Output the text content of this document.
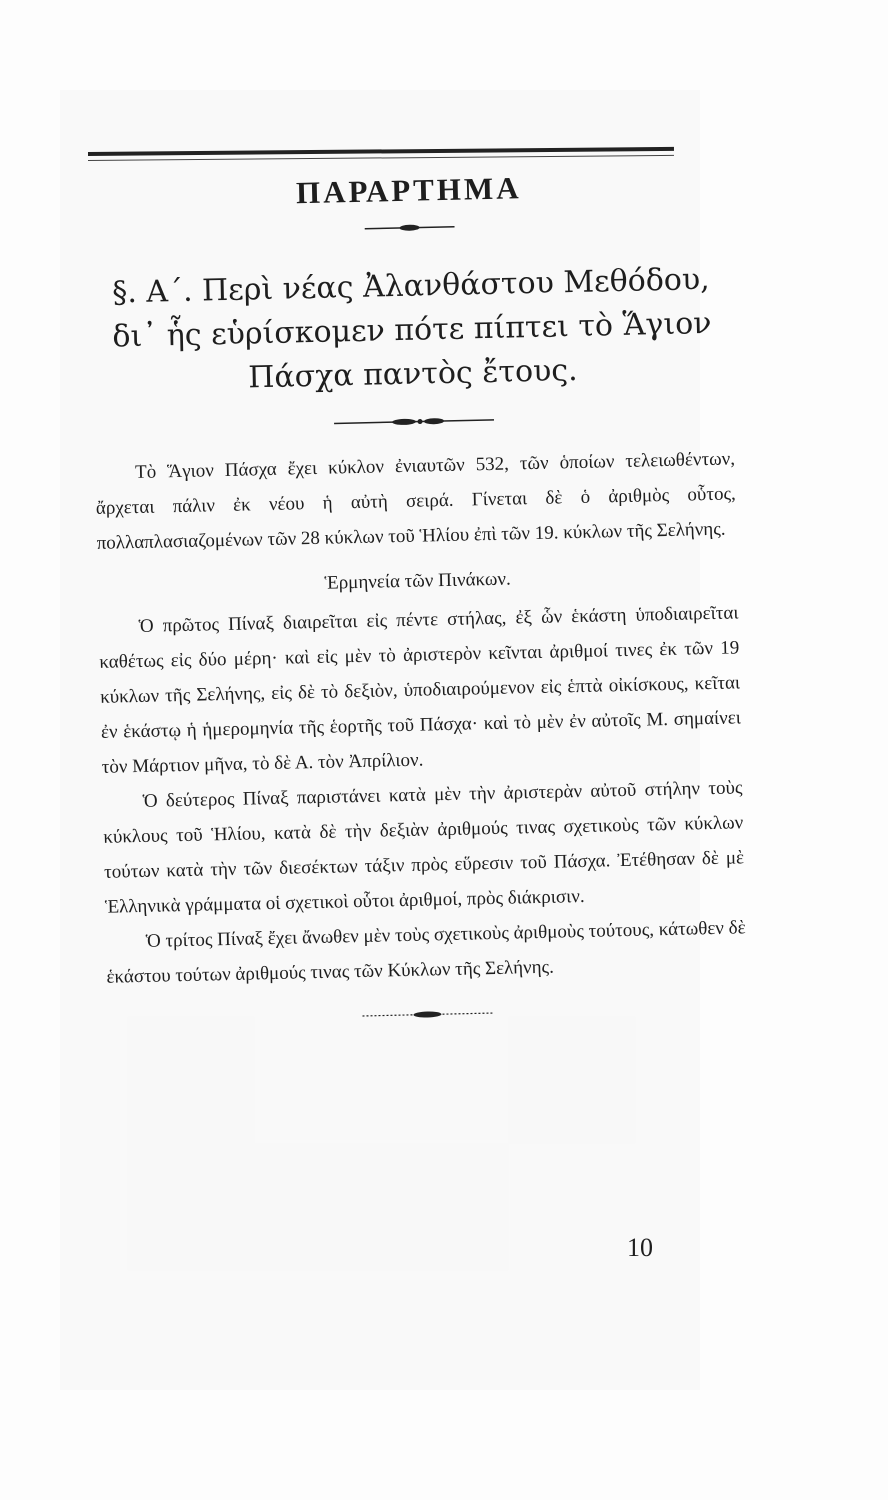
ΠΑΡΑΡΤΗΜΑ
§. Α΄. Περὶ νέας Ἀλανθάστου Μεθόδου,
δι᾽ ἧς εὑρίσκομεν πότε πίπτει τὸ Ἅγιον
Πάσχα παντὸς ἔτους.

Τὸ Ἅγιον Πάσχα ἔχει κύκλον ἐνιαυτῶν 532, τῶν ὁποίων τελειωθέντων, ἄρχεται πάλιν ἐκ νέου ἡ αὐτὴ σειρά. Γίνεται δὲ ὁ ἀριθμὸς οὗτος, πολλαπλασιαζομένων τῶν 28 κύκλων τοῦ Ἡλίου ἐπὶ τῶν 19. κύκλων τῆς Σελήνης.

Ἑρμηνεία τῶν Πινάκων.

Ὁ πρῶτος Πίναξ διαιρεῖται εἰς πέντε στήλας, ἐξ ὧν ἑκάστη ὑποδιαιρεῖται καθέτως εἰς δύο μέρη· καὶ εἰς μὲν τὸ ἀριστερὸν κεῖνται ἀριθμοί τινες ἐκ τῶν 19 κύκλων τῆς Σελήνης, εἰς δὲ τὸ δεξιὸν, ὑποδιαιρούμενον εἰς ἑπτὰ οἰκίσκους, κεῖται ἐν ἑκάστῳ ἡ ἡμερομηνία τῆς ἑορτῆς τοῦ Πάσχα· καὶ τὸ μὲν ἐν αὐτοῖς Μ. σημαίνει τὸν Μάρτιον μῆνα, τὸ δὲ Α. τὸν Ἀπρίλιον.

Ὁ δεύτερος Πίναξ παριστάνει κατὰ μὲν τὴν ἀριστερὰν αὐτοῦ στήλην τοὺς κύκλους τοῦ Ἡλίου, κατὰ δὲ τὴν δεξιὰν ἀριθμούς τινας σχετικοὺς τῶν κύκλων τούτων κατὰ τὴν τῶν διεσέκτων τάξιν πρὸς εὕρεσιν τοῦ Πάσχα. Ἐτέθησαν δὲ μὲ Ἑλληνικὰ γράμματα οἱ σχετικοὶ οὗτοι ἀριθμοί, πρὸς διάκρισιν.

Ὁ τρίτος Πίναξ ἔχει ἄνωθεν μὲν τοὺς σχετικοὺς ἀριθμοὺς τούτους, κάτωθεν δὲ ἑκάστου τούτων ἀριθμούς τινας τῶν Κύκλων τῆς Σελήνης.

10
